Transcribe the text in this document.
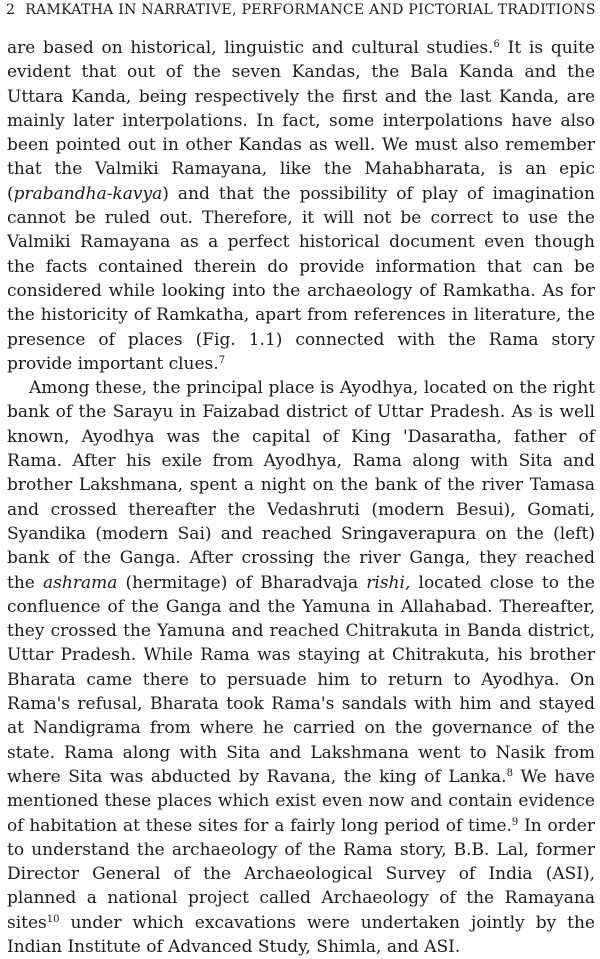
2 RAMKATHA IN NARRATIVE, PERFORMANCE AND PICTORIAL TRADITIONS

are based on historical, linguistic and cultural studies.$^6$ It is quite evident that out of the seven Kandas, the Bala Kanda and the Uttara Kanda, being respectively the first and the last Kanda, are mainly later interpolations. In fact, some interpolations have also been pointed out in other Kandas as well. We must also remember that the Valmiki Ramayana, like the Mahabharata, is an epic (prabandha-kavya) and that the possibility of play of imagination cannot be ruled out. Therefore, it will not be correct to use the Valmiki Ramayana as a perfect historical document even though the facts contained therein do provide information that can be considered while looking into the archaeology of Ramkatha. As for the historicity of Ramkatha, apart from references in literature, the presence of places (Fig. 1.1) connected with the Rama story provide important clues.$^7$

Among these, the principal place is Ayodhya, located on the right bank of the Sarayu in Faizabad district of Uttar Pradesh. As is well known, Ayodhya was the capital of King 'Dasaratha, father of Rama. After his exile from Ayodhya, Rama along with Sita and brother Lakshmana, spent a night on the bank of the river Tamasa and crossed thereafter the Vedashruti (modern Besui), Gomati, Syandika (modern Sai) and reached Sringaverapura on the (left) bank of the Ganga. After crossing the river Ganga, they reached the ashrama (hermitage) of Bharadvaja rishi, located close to the confluence of the Ganga and the Yamuna in Allahabad. Thereafter, they crossed the Yamuna and reached Chitrakuta in Banda district, Uttar Pradesh. While Rama was staying at Chitrakuta, his brother Bharata came there to persuade him to return to Ayodhya. On Rama's refusal, Bharata took Rama's sandals with him and stayed at Nandigrama from where he carried on the governance of the state. Rama along with Sita and Lakshmana went to Nasik from where Sita was abducted by Ravana, the king of Lanka.$^8$ We have mentioned these places which exist even now and contain evidence of habitation at these sites for a fairly long period of time.$^9$ In order to understand the archaeology of the Rama story, B.B. Lal, former Director General of the Archaeological Survey of India (ASI), planned a national project called Archaeology of the Ramayana sites$^{10}$ under which excavations were undertaken jointly by the Indian Institute of Advanced Study, Shimla, and ASI.
